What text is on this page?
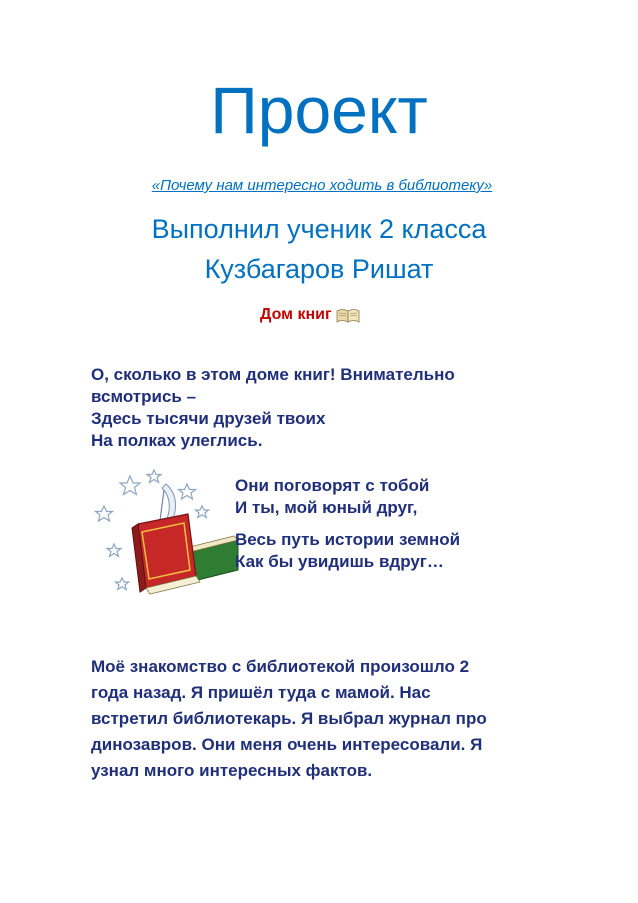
Проект
«Почему нам интересно ходить в библиотеку»
Выполнил ученик 2 класса
Кузбагаров Ришат
Дом книг
О, сколько в этом доме книг! Внимательно
всмотрись –
Здесь тысячи друзей твоих
На полках улеглись.
Они поговорят с тобой
И ты, мой юный друг,
Весь путь истории земной
Как бы увидишь вдруг…
Моё знакомство с библиотекой произошло 2
года назад. Я пришёл туда с мамой. Нас
встретил библиотекарь. Я выбрал журнал про
динозавров. Они меня очень интересовали. Я
узнал много интересных фактов.
